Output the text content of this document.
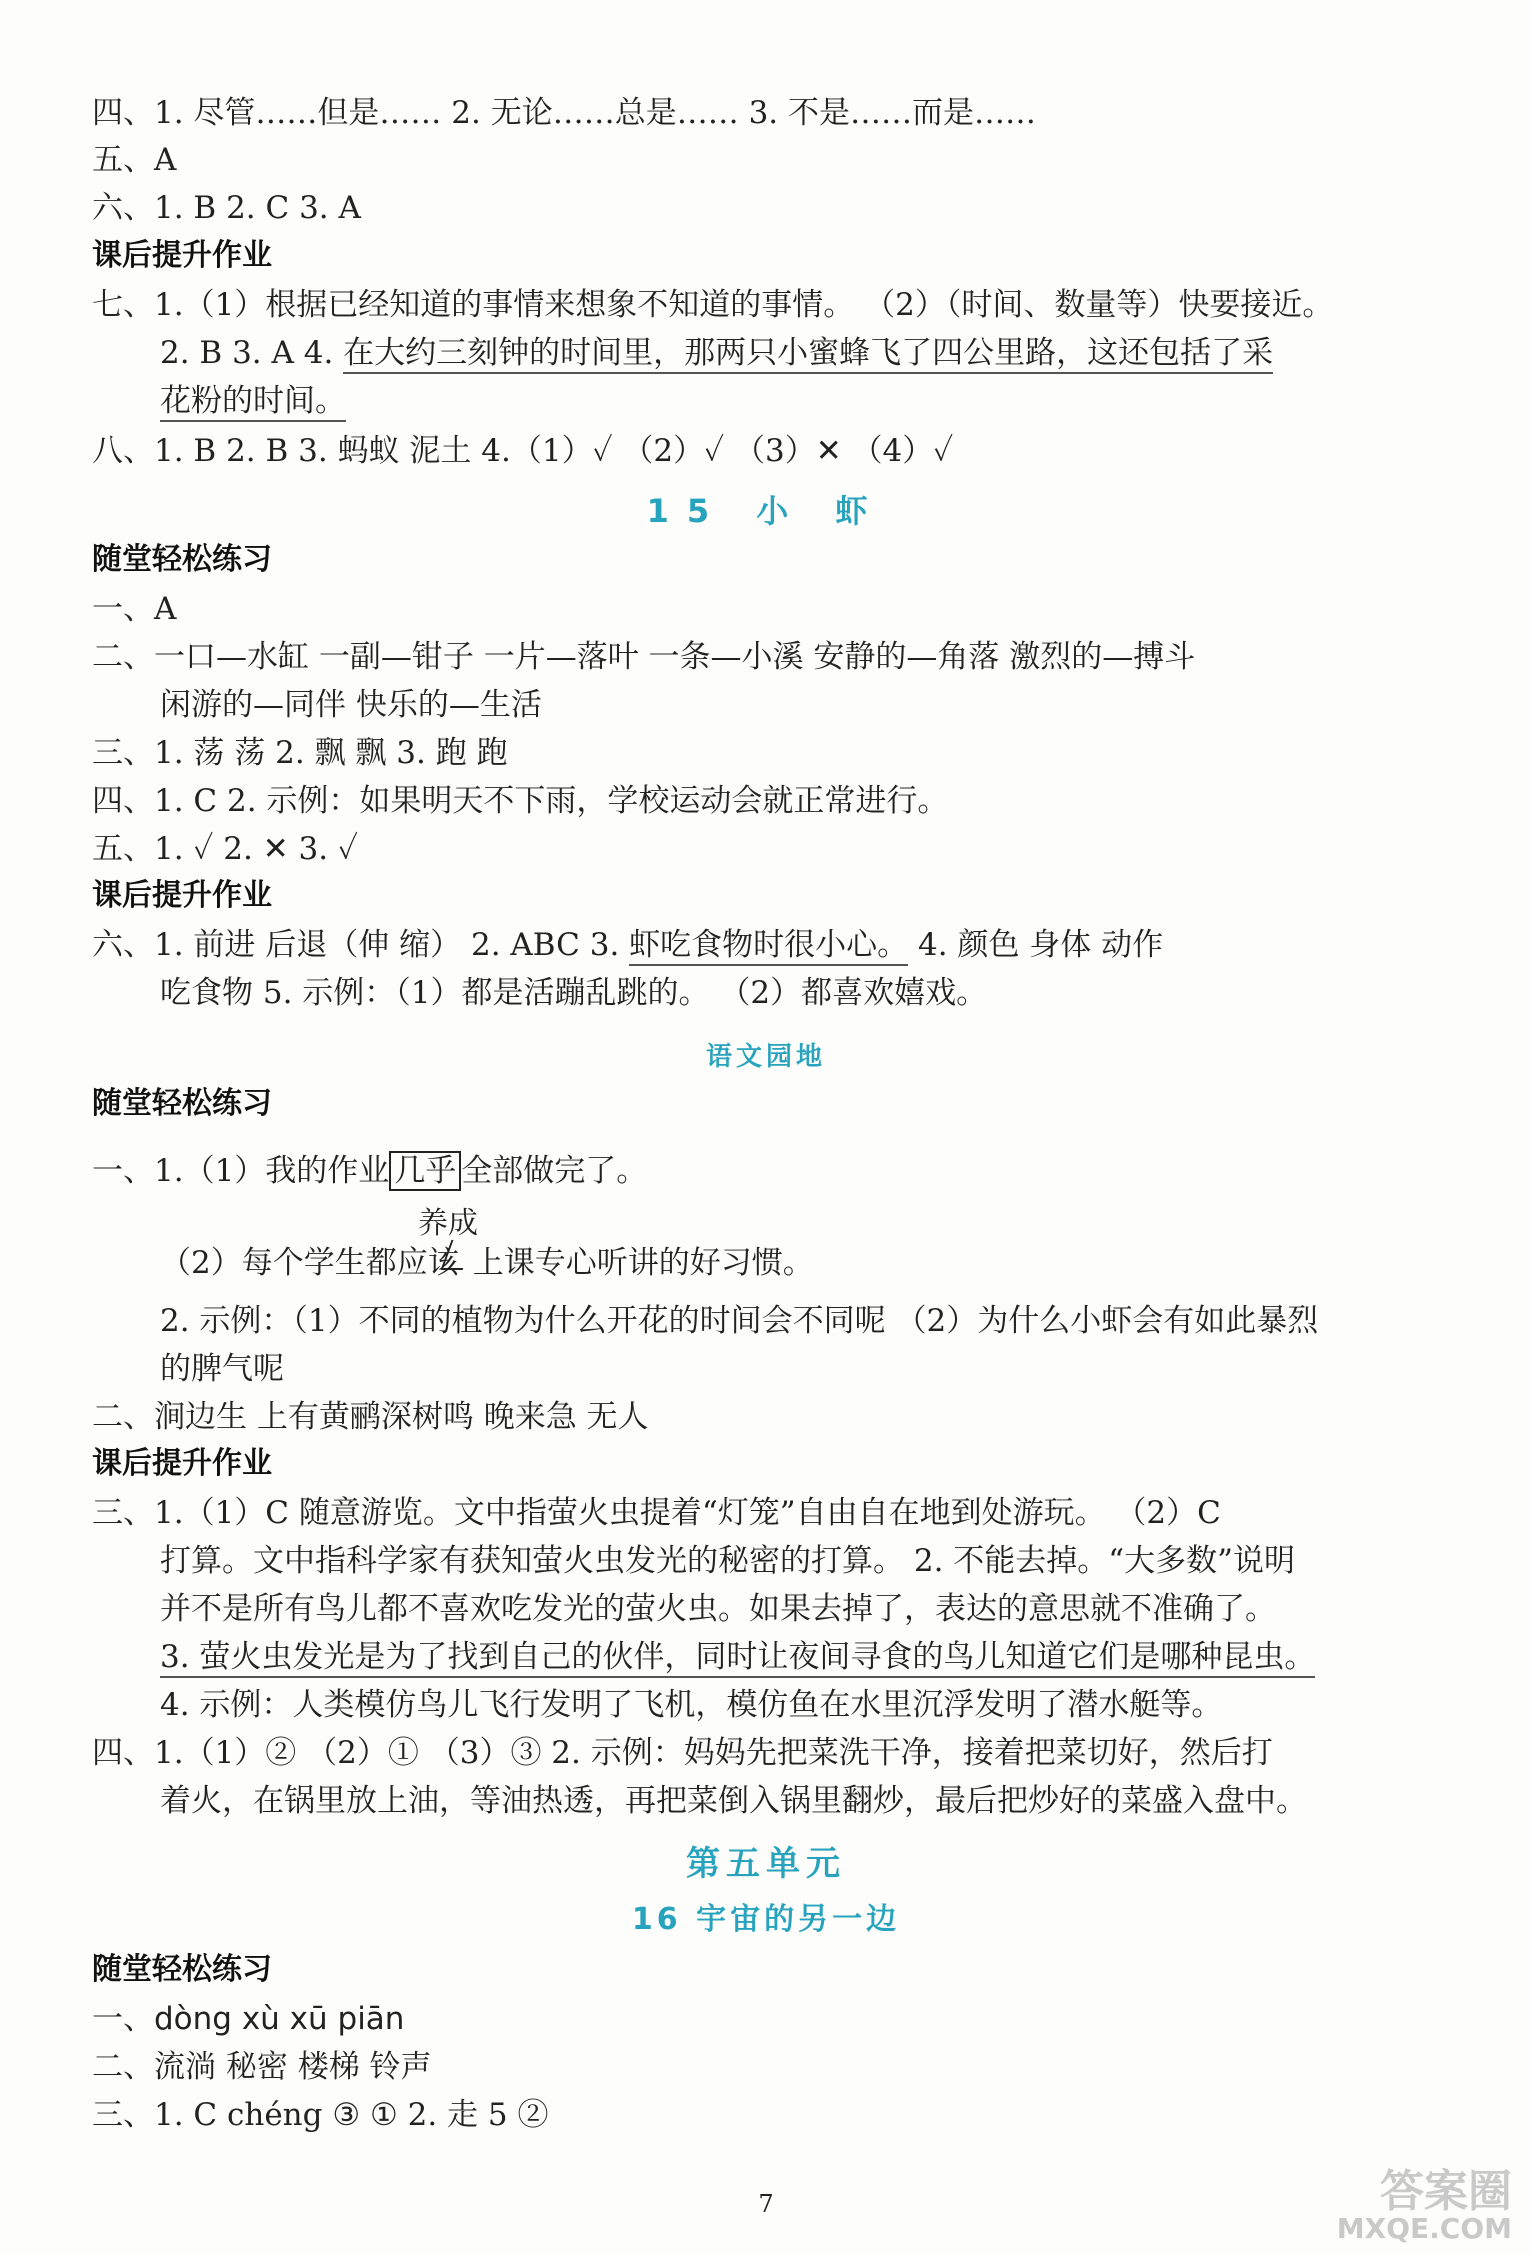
四、1. 尽管……但是…… 2. 无论……总是…… 3. 不是……而是……
五、A
六、1. B 2. C 3. A
课后提升作业
七、1.（1）根据已经知道的事情来想象不知道的事情。 （2）（时间、数量等）快要接近。
2. B 3. A 4. 在大约三刻钟的时间里，那两只小蜜蜂飞了四公里路，这还包括了采
花粉的时间。
八、1. B 2. B 3. 蚂蚁 泥土 4.（1）✓ （2）✓ （3）✕ （4）✓
15 小 虾
随堂轻松练习
一、A
二、一口—水缸 一副—钳子 一片—落叶 一条—小溪 安静的—角落 激烈的—搏斗
闲游的—同伴 快乐的—生活
三、1. 荡 荡 2. 飘 飘 3. 跑 跑
四、1. C 2. 示例：如果明天不下雨，学校运动会就正常进行。
五、1. ✓ 2. ✕ 3. ✓
课后提升作业
六、1. 前进 后退（伸 缩） 2. ABC 3. 虾吃食物时很小心。 4. 颜色 身体 动作
吃食物 5. 示例：（1）都是活蹦乱跳的。 （2）都喜欢嬉戏。
语文园地
随堂轻松练习
一、1.（1）我的作业 几乎 全部做完了。
养成
（2）每个学生都应该 上课专心听讲的好习惯。
2. 示例：（1）不同的植物为什么开花的时间会不同呢 （2）为什么小虾会有如此暴烈
的脾气呢
二、涧边生 上有黄鹂深树鸣 晚来急 无人
课后提升作业
三、1.（1）C 随意游览。文中指萤火虫提着“灯笼”自由自在地到处游玩。 （2）C
打算。文中指科学家有获知萤火虫发光的秘密的打算。 2. 不能去掉。“大多数”说明
并不是所有鸟儿都不喜欢吃发光的萤火虫。如果去掉了，表达的意思就不准确了。
3. 萤火虫发光是为了找到自己的伙伴，同时让夜间寻食的鸟儿知道它们是哪种昆虫。
4. 示例：人类模仿鸟儿飞行发明了飞机，模仿鱼在水里沉浮发明了潜水艇等。
四、1.（1）② （2）① （3）③ 2. 示例：妈妈先把菜洗干净，接着把菜切好，然后打
着火，在锅里放上油，等油热透，再把菜倒入锅里翻炒，最后把炒好的菜盛入盘中。
第五单元
16 宇宙的另一边
随堂轻松练习
一、dòng xù xū piān
二、流淌 秘密 楼梯 铃声
三、1. C chéng ③ ① 2. 走 5 ②
7	答案圈
MXQE.COM
